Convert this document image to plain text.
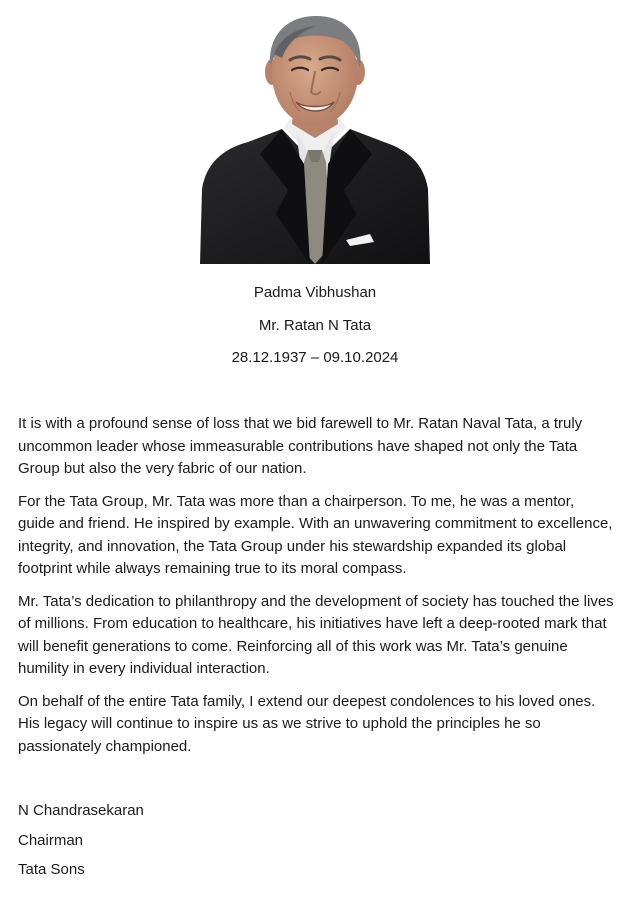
Padma Vibhushan
Mr. Ratan N Tata
28.12.1937 – 09.10.2024

It is with a profound sense of loss that we bid farewell to Mr. Ratan Naval Tata, a truly uncommon leader whose immeasurable contributions have shaped not only the Tata Group but also the very fabric of our nation.

For the Tata Group, Mr. Tata was more than a chairperson. To me, he was a mentor, guide and friend. He inspired by example. With an unwavering commitment to excellence, integrity, and innovation, the Tata Group under his stewardship expanded its global footprint while always remaining true to its moral compass.

Mr. Tata’s dedication to philanthropy and the development of society has touched the lives of millions. From education to healthcare, his initiatives have left a deep-rooted mark that will benefit generations to come. Reinforcing all of this work was Mr. Tata’s genuine humility in every individual interaction.

On behalf of the entire Tata family, I extend our deepest condolences to his loved ones. His legacy will continue to inspire us as we strive to uphold the principles he so passionately championed.

N Chandrasekaran
Chairman
Tata Sons
